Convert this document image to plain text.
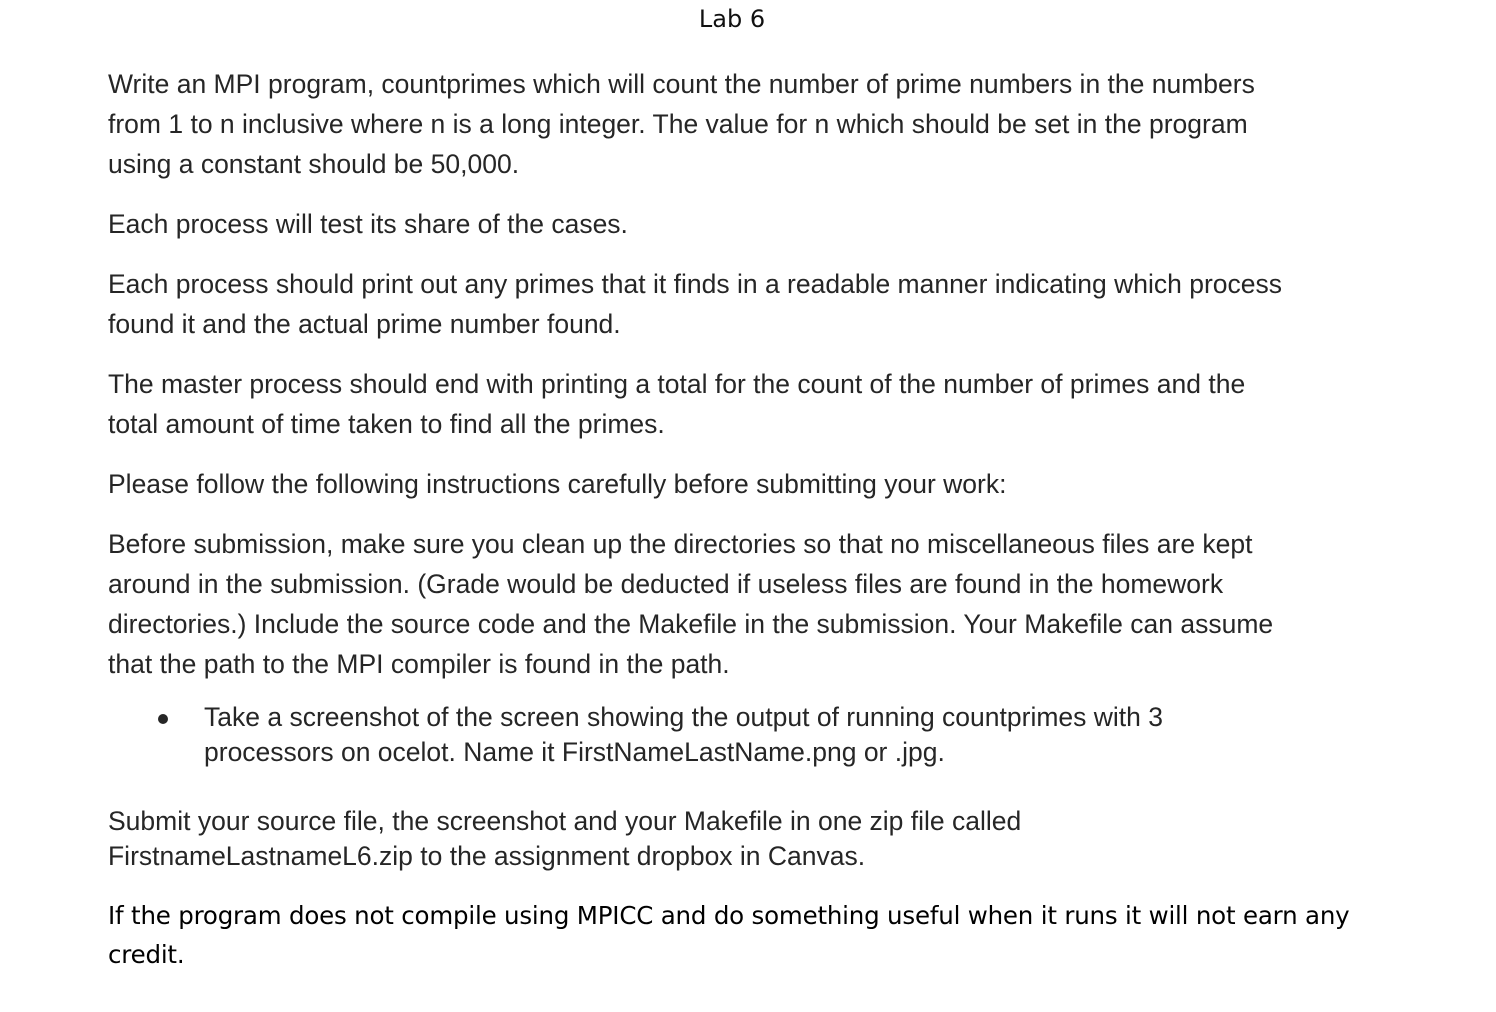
Lab 6
Write an MPI program, countprimes which will count the number of prime numbers in the numbers
from 1 to n inclusive where n is a long integer. The value for n which should be set in the program
using a constant should be 50,000.
Each process will test its share of the cases.
Each process should print out any primes that it finds in a readable manner indicating which process
found it and the actual prime number found.
The master process should end with printing a total for the count of the number of primes and the
total amount of time taken to find all the primes.
Please follow the following instructions carefully before submitting your work:
Before submission, make sure you clean up the directories so that no miscellaneous files are kept
around in the submission. (Grade would be deducted if useless files are found in the homework
directories.) Include the source code and the Makefile in the submission. Your Makefile can assume
that the path to the MPI compiler is found in the path.
Take a screenshot of the screen showing the output of running countprimes with 3
processors on ocelot. Name it FirstNameLastName.png or .jpg.
Submit your source file, the screenshot and your Makefile in one zip file called
FirstnameLastnameL6.zip to the assignment dropbox in Canvas.
If the program does not compile using MPICC and do something useful when it runs it will not earn any
credit.
